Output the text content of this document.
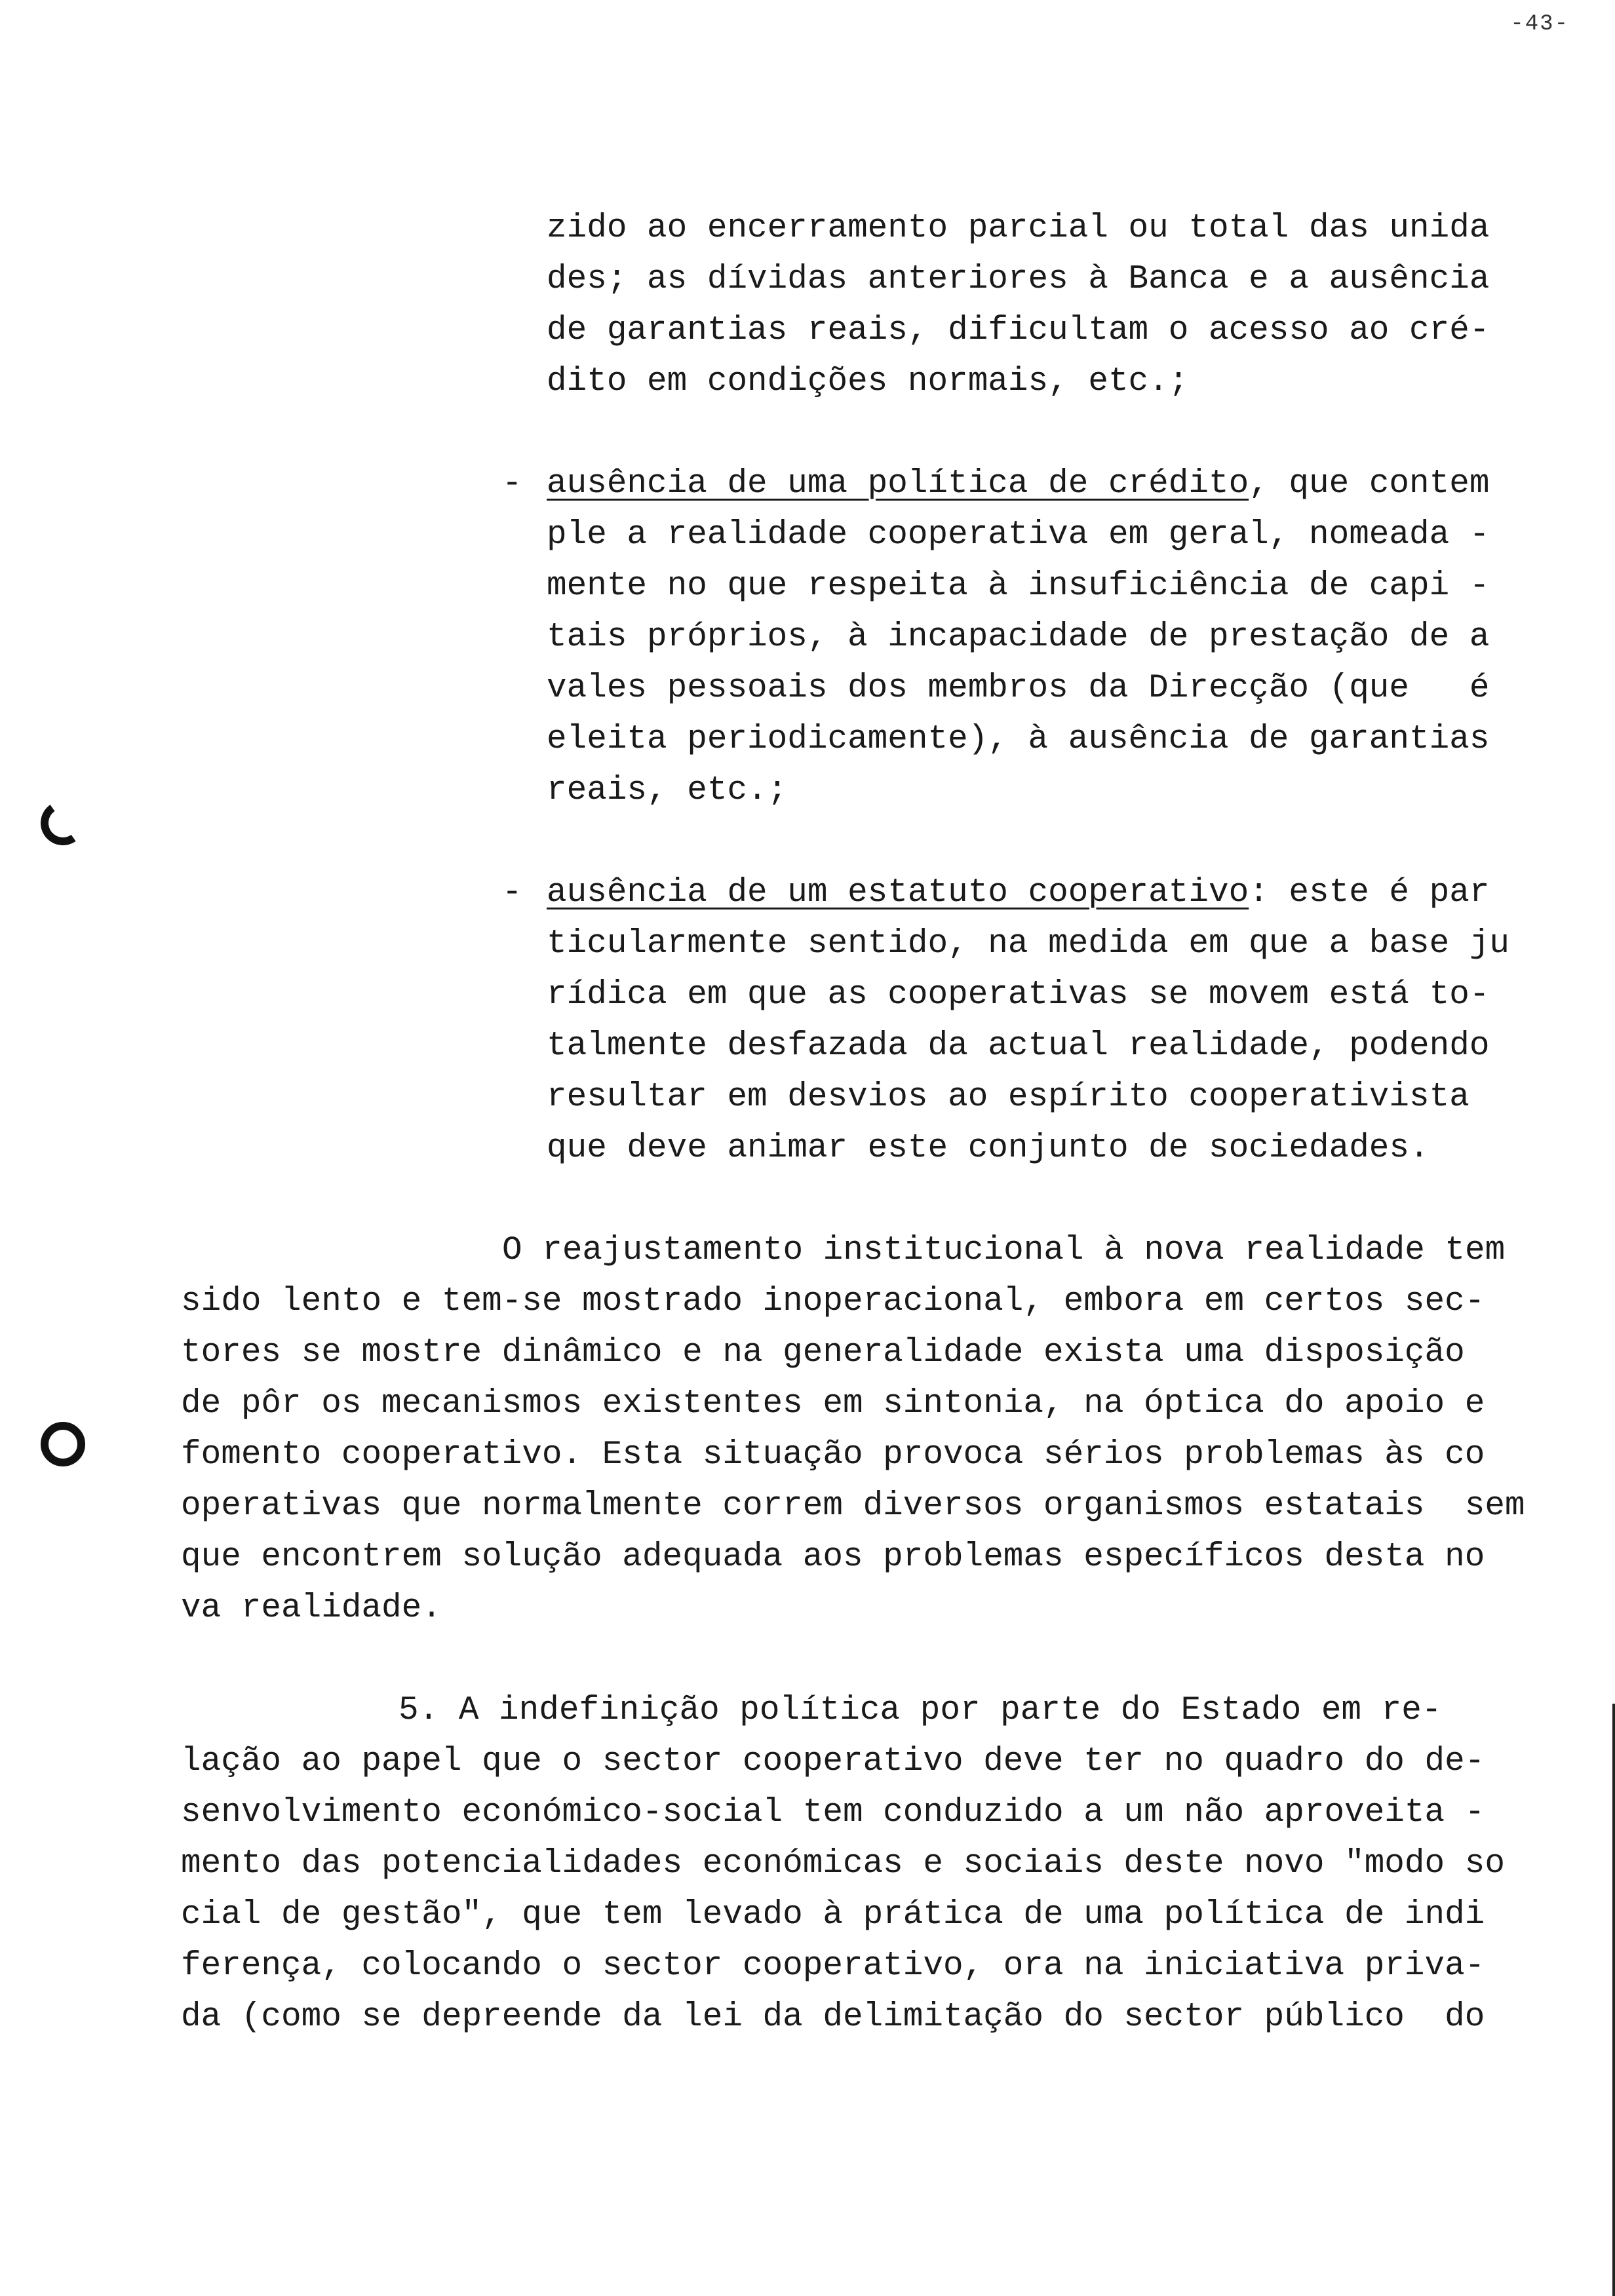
-43-
zido ao encerramento parcial ou total das unida
des; as dívidas anteriores à Banca e a ausência
de garantias reais, dificultam o acesso ao cré-
dito em condições normais, etc.;
- ausência de uma política de crédito, que contem
ple a realidade cooperativa em geral, nomeada -
mente no que respeita à insuficiência de capi -
tais próprios, à incapacidade de prestação de a
vales pessoais dos membros da Direcção (que   é
eleita periodicamente), à ausência de garantias
reais, etc.;
- ausência de um estatuto cooperativo: este é par
ticularmente sentido, na medida em que a base ju
rídica em que as cooperativas se movem está to-
talmente desfazada da actual realidade, podendo
resultar em desvios ao espírito cooperativista
que deve animar este conjunto de sociedades.
O reajustamento institucional à nova realidade tem
sido lento e tem-se mostrado inoperacional, embora em certos sec-
tores se mostre dinâmico e na generalidade exista uma disposição
de pôr os mecanismos existentes em sintonia, na óptica do apoio e
fomento cooperativo. Esta situação provoca sérios problemas às co
operativas que normalmente correm diversos organismos estatais  sem
que encontrem solução adequada aos problemas específicos desta no
va realidade.
5. A indefinição política por parte do Estado em re-
lação ao papel que o sector cooperativo deve ter no quadro do de-
senvolvimento económico-social tem conduzido a um não aproveita -
mento das potencialidades económicas e sociais deste novo "modo so
cial de gestão", que tem levado à prática de uma política de indi
ferença, colocando o sector cooperativo, ora na iniciativa priva-
da (como se depreende da lei da delimitação do sector público  do
